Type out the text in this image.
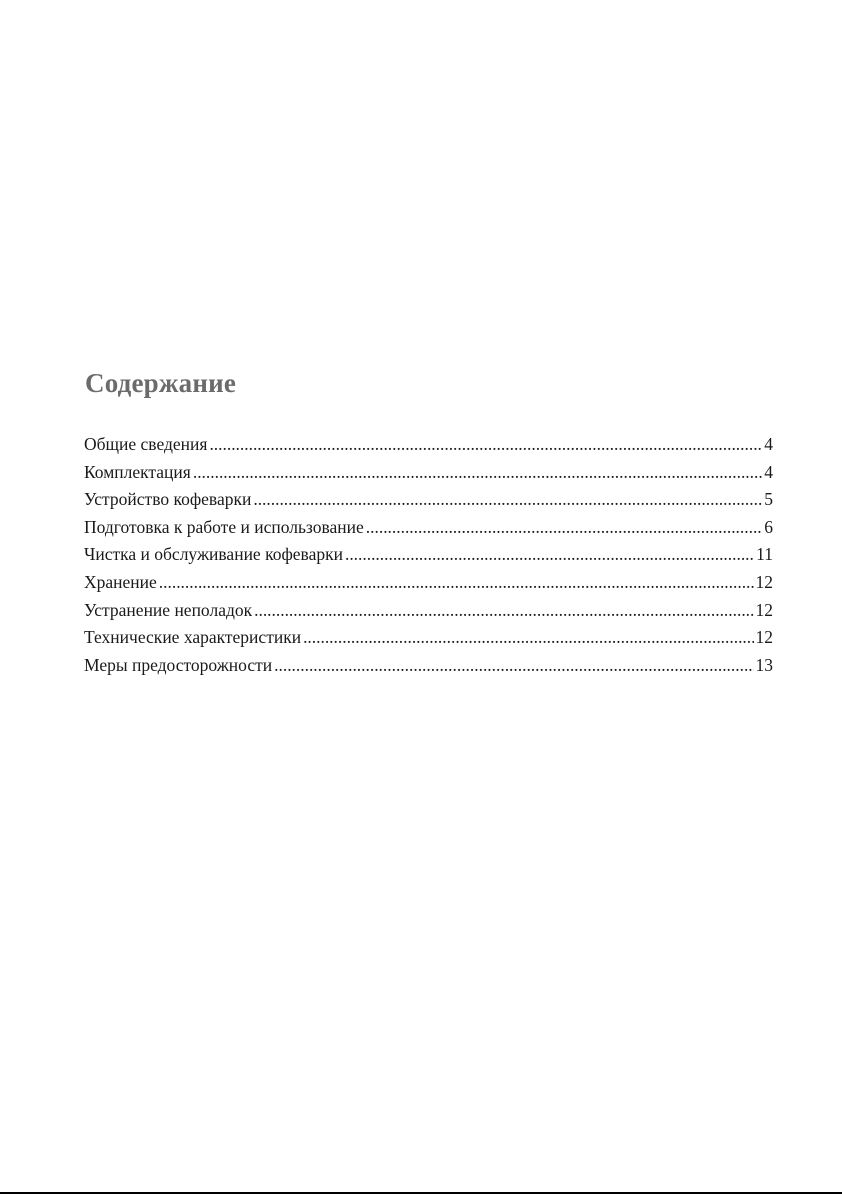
Содержание
Общие сведения . . .	4
Комплектация . . .	4
Устройство кофеварки . . .	5
Подготовка к работе и использование . . .	6
Чистка и обслуживание кофеварки . . .	11
Хранение . . .	12
Устранение неполадок . . .	12
Технические характеристики . . .	12
Меры предосторожности . . .	13
